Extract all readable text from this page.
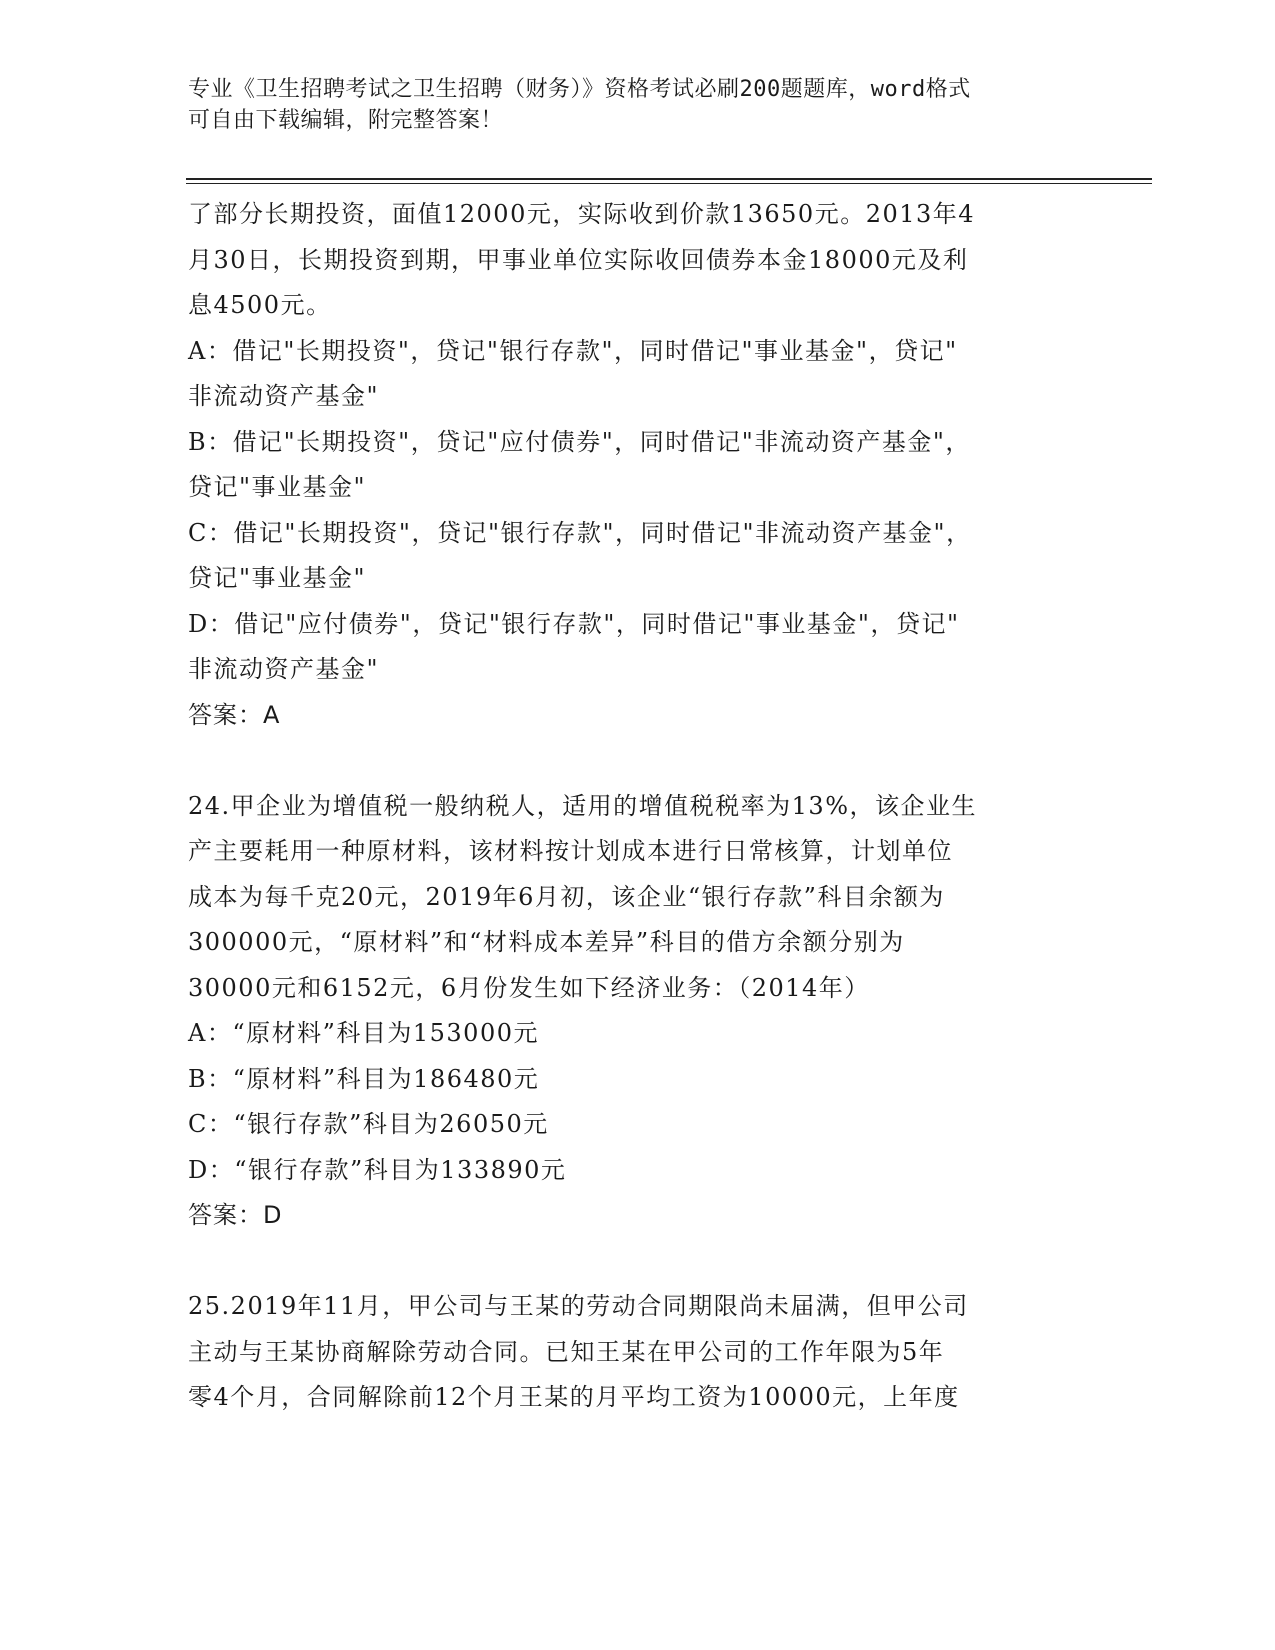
专业《卫生招聘考试之卫生招聘（财务）》资格考试必刷200题题库，word格式
可自由下载编辑，附完整答案！
了部分长期投资，面值12000元，实际收到价款13650元。2013年4
月30日，长期投资到期，甲事业单位实际收回债券本金18000元及利
息4500元。
A：借记"长期投资"，贷记"银行存款"，同时借记"事业基金"，贷记"
非流动资产基金"
B：借记"长期投资"，贷记"应付债券"，同时借记"非流动资产基金"，
贷记"事业基金"
C：借记"长期投资"，贷记"银行存款"，同时借记"非流动资产基金"，
贷记"事业基金"
D：借记"应付债券"，贷记"银行存款"，同时借记"事业基金"，贷记"
非流动资产基金"
答案：A
24.甲企业为增值税一般纳税人，适用的增值税税率为13%，该企业生
产主要耗用一种原材料，该材料按计划成本进行日常核算，计划单位
成本为每千克20元，2019年6月初，该企业“银行存款”科目余额为
300000元，“原材料”和“材料成本差异”科目的借方余额分别为
30000元和6152元，6月份发生如下经济业务：（2014年）
A：“原材料”科目为153000元
B：“原材料”科目为186480元
C：“银行存款”科目为26050元
D：“银行存款”科目为133890元
答案：D
25.2019年11月，甲公司与王某的劳动合同期限尚未届满，但甲公司
主动与王某协商解除劳动合同。已知王某在甲公司的工作年限为5年
零4个月，合同解除前12个月王某的月平均工资为10000元，上年度
